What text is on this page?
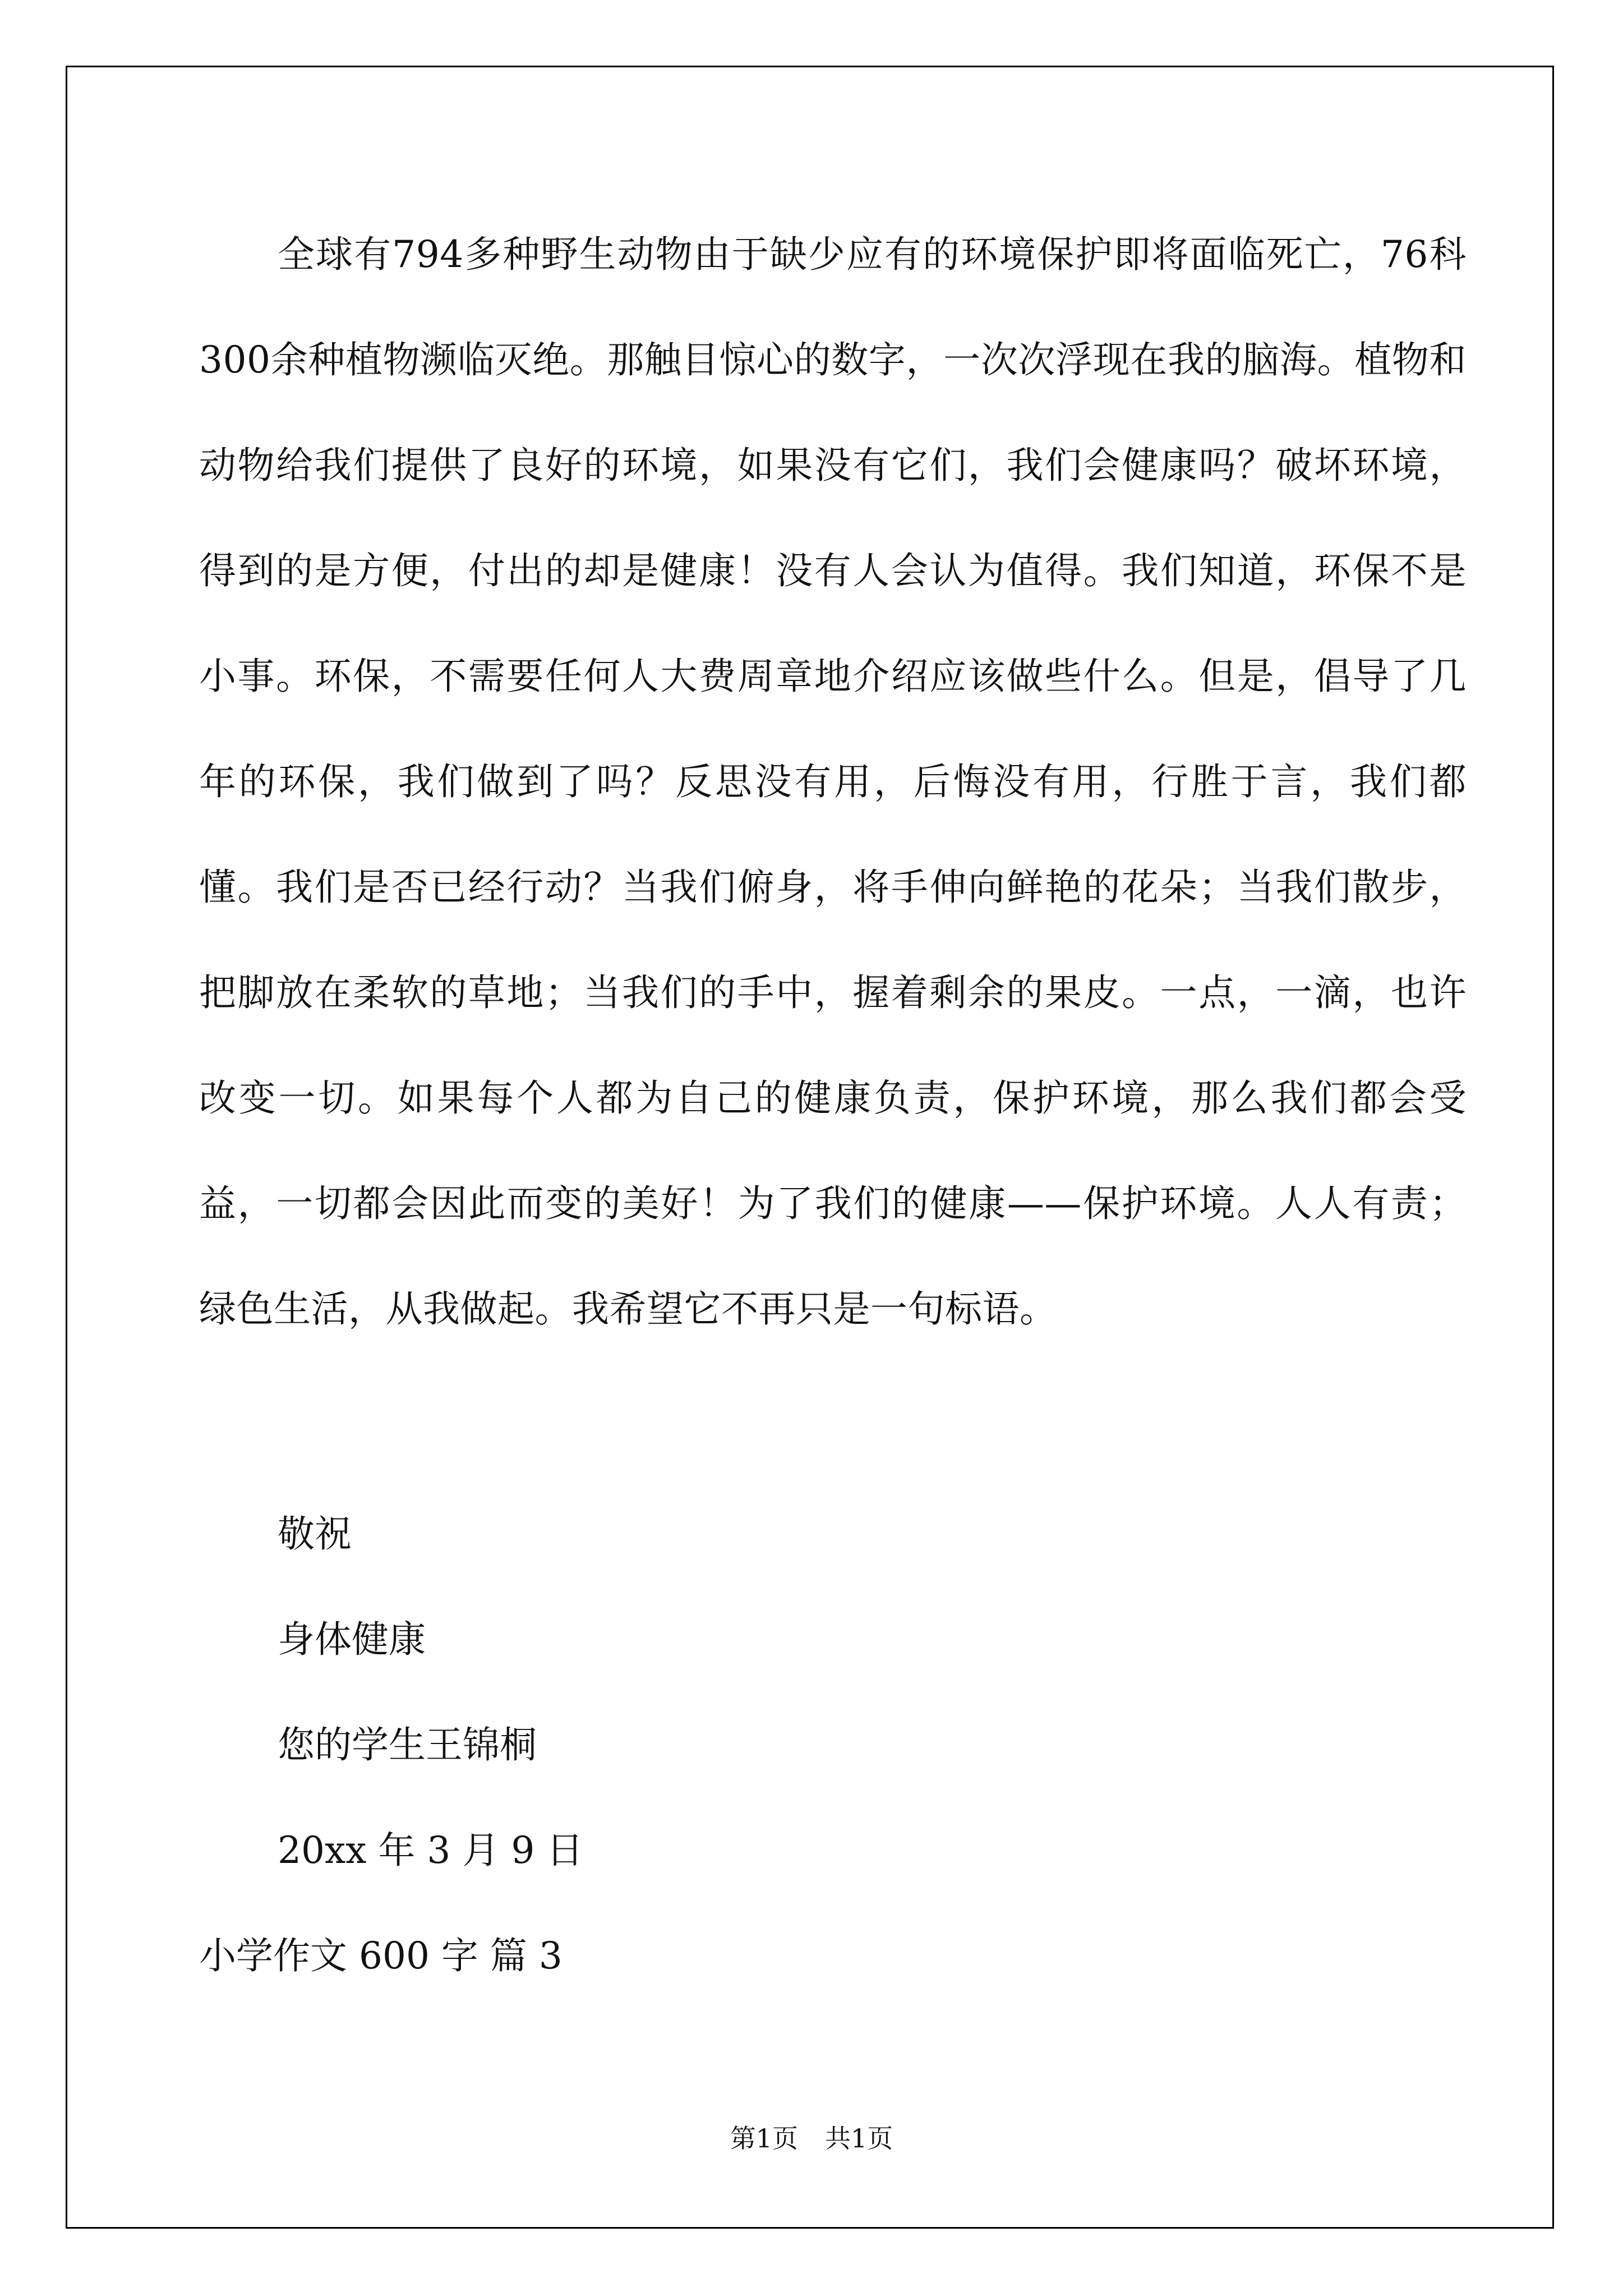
全球有794多种野生动物由于缺少应有的环境保护即将面临死亡，76科300余种植物濒临灭绝。那触目惊心的数字，一次次浮现在我的脑海。植物和动物给我们提供了良好的环境，如果没有它们，我们会健康吗？破坏环境，得到的是方便，付出的却是健康！没有人会认为值得。我们知道，环保不是小事。环保，不需要任何人大费周章地介绍应该做些什么。但是，倡导了几年的环保，我们做到了吗？反思没有用，后悔没有用，行胜于言，我们都懂。我们是否已经行动？当我们俯身，将手伸向鲜艳的花朵；当我们散步，把脚放在柔软的草地；当我们的手中，握着剩余的果皮。一点，一滴，也许改变一切。如果每个人都为自己的健康负责，保护环境，那么我们都会受益，一切都会因此而变的美好！为了我们的健康——保护环境。人人有责；绿色生活，从我做起。我希望它不再只是一句标语。

敬祝
身体健康
您的学生王锦桐
20xx 年 3 月 9 日
小学作文 600 字 篇 3
第1页 共1页
